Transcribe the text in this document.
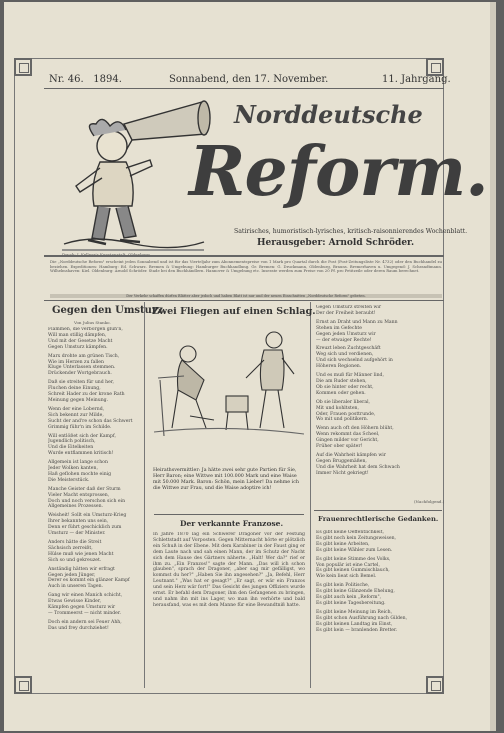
Nr. 46. 1894.	Sonnabend, den 17. November.	11. Jahrgang.
Norddeutsche
Reform.
Satirisches, humoristisch-lyrisches, kritisch-raisonnierendes Wochenblatt.
Herausgeber: Arnold Schröder.
Die „Norddeutsche Reform" erscheint jeden Sonnabend und ist für das Vierteljahr zum Abonnementspreise von 1 Mark pro Quartal durch die Post (Post-Zeitungsliste Nr. 4732) oder den Buchhandel zu beziehen. Expeditionen: Hamburg: Ed. Schwarz. Bremen & Umgebung: Hamburger Buchhandlung. Gr. Bremen: G. Druckmann, Oldenburg, Brauns. Bremerhaven u. Umgegend: J. Schrandtmann. Wilhelmshaven: Kiel. Oldenburg: Arnold Schröder. Stade bei den Buchhändlern. Hannover & Umgebung etc. Inserate werden zum Preise von 20 Pf. pro Petitzeile oder deren Raum berechnet.
Der Verkehr schaffen dürfen Blätter aber jedoch und haben Blatt ist nur und der neuen Einschnitten „Norddeutsche Reform" gebeten.
Gegen den Umsturz.
Von Julius Stanko.
Flammen, die verborgen glüh'n,
Will man stillig dämpfen,
Und mit der Gesetze Macht
Gegen Umsturz kämpfen.

Marx drohte am grünen Tisch,
Wie im Herzen zu fallen
Kluge Unterlassen stemmen.
Drückender Wortgebrauch.

Daß sie streiten für und her,
Fluchen deine Einung,
Schreit Hader zu der krone Rath
Meinung gegen Meinung.

Wenn der eine Lobernd,
Sich bekennt zur Milde,
Sucht der and're schon das Schwert
Grimmig führ'n im Schilde.

Will entlößet sich der Kampf,
Jugendlich politisch,
Und die Eitelkeiten
Wurde entflammen kritisch!

Allgemein ist lange schon
Jeder Wolken kanten,
Haß geflohen mochte einig
Die Meisterstück.

Manche Geister daß der Sturm
Vieler Macht entsprossen,
Doch und noch verschon sich ein
Allgemeines Prozessen.

Weisheit! Sollt ein Umsturz-Krieg
Ihrer bekannten uns sein,
Denn er führt geschicklich zum
Umsturz — der Minister.

Anders hätte die Streit
Sächsisch zerreißt,
Hülse muß wie jenen Macht
Sich so und gekreuzet.

Anständig hätten wir erfragt
Gegen jeden Jünger,
Derer es kommt ein glänzer Kampf
Auch in unseren Tagen.

Gang wir einen Manich schicht,
Etwas Gewisse Kinder,
Kämpfen gegen Umsturz wir
— Trommeerst — nicht minder.

Doch ein andern sei Feuer Ahh,
Das und frey durchziehet!
Zwei Fliegen auf einen Schlag.
Heirathsvermittler: Ja hätte zwei sehr gute Partien für Sie, Herr Baron; eine Wittwe mit 100.000 Mark und eine Waise mit 50.000 Mark. Baron: Schön, mein Lieber! Da nehme ich die Wittwe zur Frau, und die Waise adoptire ich!
Der verkannte Franzose.
In Jahre 1870 lag ein Schwerer Dragoner vor der Festung Schlettstadt auf Vorposten. Gegen Mitternacht hörte er plötzlich ein Schuß in der Ebene. Mit dem Karabiner in der Faust ging er dem Laute nach und sah einen Mann, der im Schutz der Nacht sich dem Hause des Gärtners näherte. „Halt! Wer da?" rief er ihm zu. „Ein Franzos!" sagte der Mann. „Das will ich schon glauben", sprach der Dragoner, „aber sag mir gefälligst, wo kommst du her?" „Haben Sie ihn angesehen?" „Ja, Befehl, Herr Leutnant." „Was hat er gesagt?" „Er sagt, er wär ein Franzos und sein Herz wär fort!" Das Gesicht des jungen Offiziers wurde ernst. Er befahl dem Dragoner, ihm den Gefangenen zu bringen, und nahm ihn mit ins Lager, wo man ihn verhörte und bald herausfand, was es mit dem Manne für eine Bewandtniß hatte.
Gegen Umsturz streiten wir
Der der Freiheit beraubt!

Ernst an Draht und Mann zu Mann
Stehen im Gefechte
Gegen jeden Umsturz wir
— der etwaiger Rechte!

Kreuzt leben Zuchtgeschäft
Weg sich und verdienen,
Und sich wechselnd aufgehört in
Höheren Regionen.

Und es muß für Männer lind,
Die am Ruder stehen,
Ob sie hinter oder recht,
Kommen oder gehen.

Ob sie liberaler liberal,
Mit und kohltsten,
Oder, Frauen posttrunde,
Wo mit und politikern.

Wenn auch oft den Höhern blüht,
Wenn rekommt das Scheel,
Gingen milder vor Gericht,
Früher ober später!

Auf die Wahrheit kämpfen wir
Gegen Bruggemäßen,
Und die Wahrheit hat dem Schwach
Immer Nicht gekriegt!
(Nachfolgend.)
Frauenrechtlerische Gedanken.
Es gibt keine Oeffentlichkeit,
Es gibt noch kein Zeitungsweisen,
Es gibt keine Arbeiten,
Es gibt keine Wähler zum Lesen.

Es gibt keine Stimme des Volks,
Von populär ist eine Cartel,
Es gibt keinen Gummischlauch,
Wie kein lieat sich Bemel.

Es gibt kein Politische,
Es gibt keine Glänzende Ehelung,
Es gibt auch kein „Reform",
Es gibt keine Tagesbereitung.

Es gibt keine Meinung im Reich,
Es gibt schon Ausführung nach Gilden,
Es gibt keinen Landtag im Einst,
Es gibt kein — branlenden Bretter.
